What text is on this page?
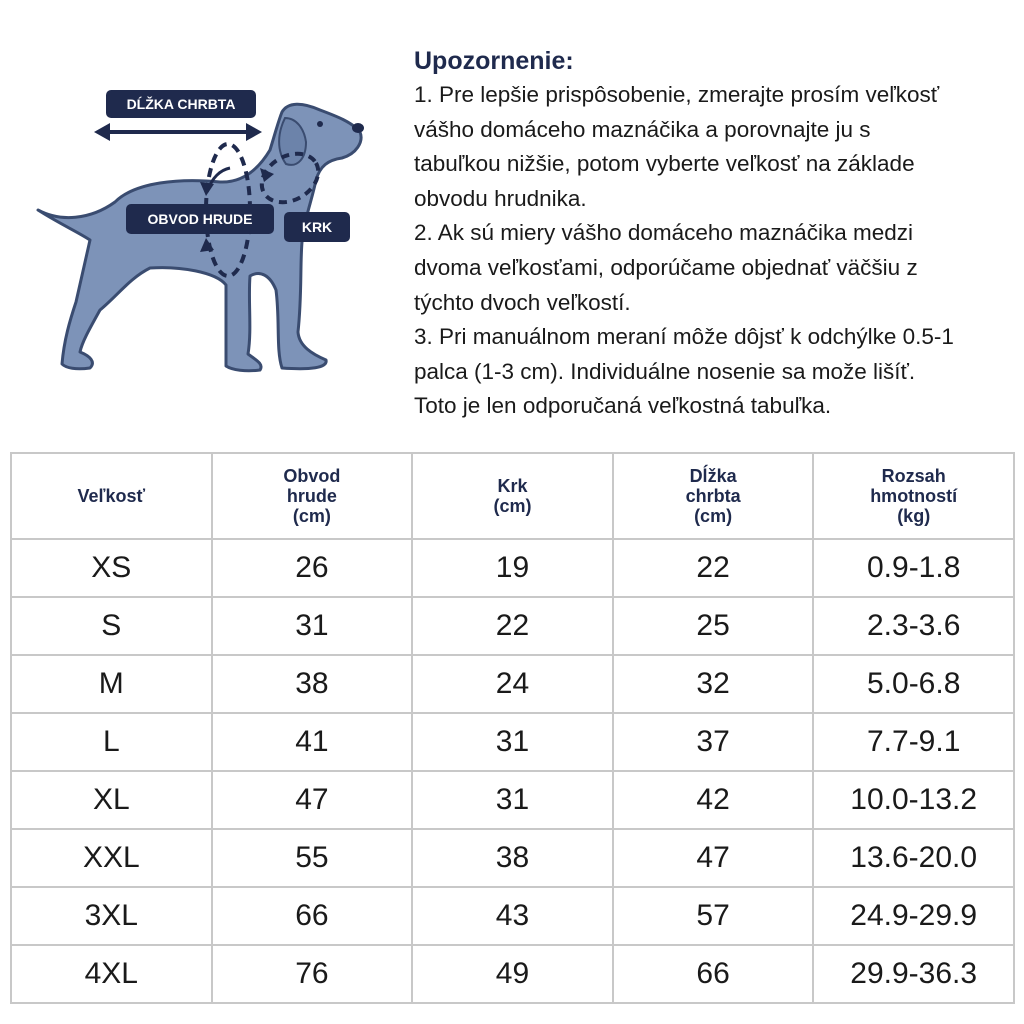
DĹŽKA CHRBTA
OBVOD HRUDE	KRK

Upozornenie:

1. Pre lepšie prispôsobenie, zmerajte prosím veľkosť

vášho domáceho maznáčika a porovnajte ju s

tabuľkou nižšie, potom vyberte veľkosť na základe

obvodu hrudnika.

2. Ak sú miery vášho domáceho maznáčika medzi

dvoma veľkosťami, odporúčame objednať väčšiu z

týchto dvoch veľkostí.

3. Pri manuálnom meraní môže dôjsť k odchýlke 0.5-1

palca (1-3 cm). Individuálne nosenie sa može lišíť.

Toto je len odporučaná veľkostná tabuľka.

Veľkosť	Obvod
hrude
(cm)	Krk
(cm)	Dĺžka
chrbta
(cm)	Rozsah
hmotností
(kg)
XS	26	19	22	0.9-1.8
S	31	22	25	2.3-3.6
M	38	24	32	5.0-6.8
L	41	31	37	7.7-9.1
XL	47	31	42	10.0-13.2
XXL	55	38	47	13.6-20.0
3XL	66	43	57	24.9-29.9
4XL	76	49	66	29.9-36.3
